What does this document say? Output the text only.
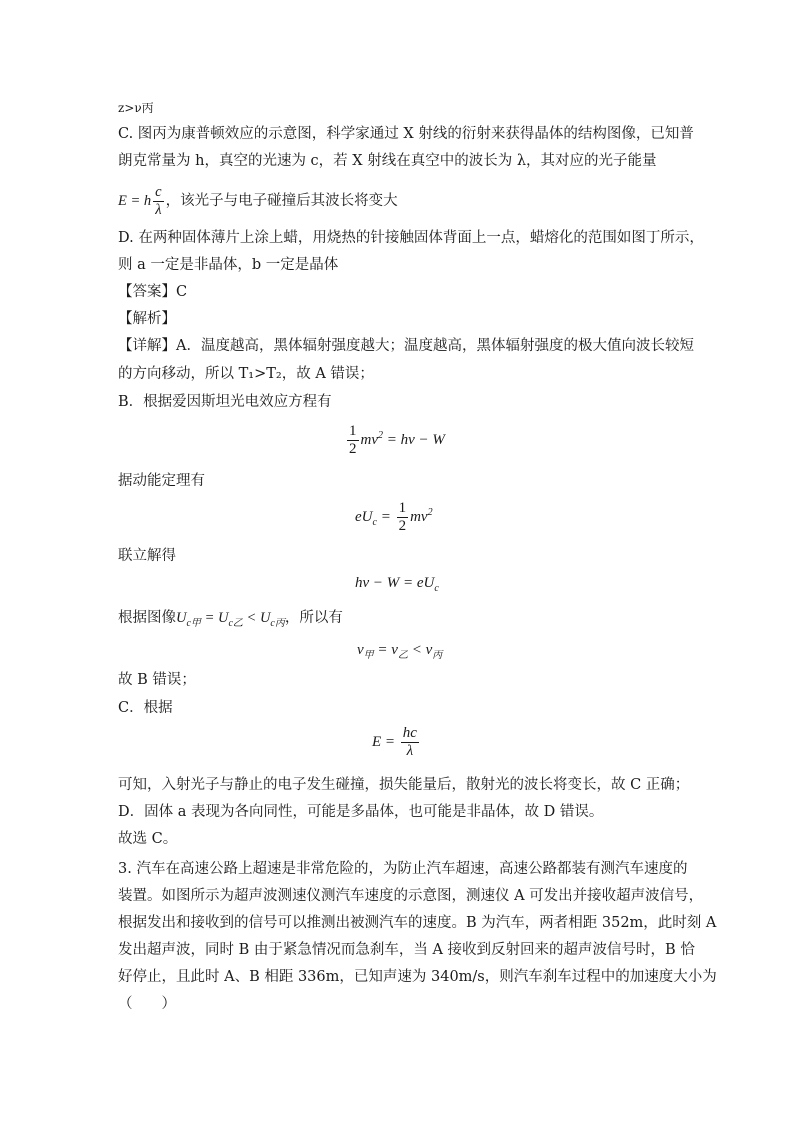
z>ν丙
C. 图丙为康普顿效应的示意图，科学家通过 X 射线的衍射来获得晶体的结构图像，已知普
朗克常量为 h，真空的光速为 c，若 X 射线在真空中的波长为 λ，其对应的光子能量
E = h $\frac{c}{\lambda}$ ，该光子与电子碰撞后其波长将变大
D. 在两种固体薄片上涂上蜡，用烧热的针接触固体背面上一点，蜡熔化的范围如图丁所示，
则 a 一定是非晶体，b 一定是晶体
【答案】C
【解析】
【详解】A．温度越高，黑体辐射强度越大；温度越高，黑体辐射强度的极大值向波长较短
的方向移动，所以 T₁>T₂，故 A 错误；
B．根据爱因斯坦光电效应方程有
$\frac{1}{2} mv^2 = h\nu - W$
据动能定理有
$eU_c = \frac{1}{2} mv^2$
联立解得
$h\nu - W = eU_c$
根据图像$U_{c甲} = U_{c乙} < U_{c丙}$，所以有
$\nu_甲 = \nu_乙 < \nu_丙$
故 B 错误；
C．根据
$E = \frac{hc}{\lambda}$
可知，入射光子与静止的电子发生碰撞，损失能量后，散射光的波长将变长，故 C 正确；
D．固体 a 表现为各向同性，可能是多晶体，也可能是非晶体，故 D 错误。
故选 C。
3. 汽车在高速公路上超速是非常危险的，为防止汽车超速，高速公路都装有测汽车速度的
装置。如图所示为超声波测速仪测汽车速度的示意图，测速仪 A 可发出并接收超声波信号，
根据发出和接收到的信号可以推测出被测汽车的速度。B 为汽车，两者相距 352m，此时刻 A
发出超声波，同时 B 由于紧急情况而急刹车，当 A 接收到反射回来的超声波信号时，B 恰
好停止，且此时 A、B 相距 336m，已知声速为 340m/s，则汽车刹车过程中的加速度大小为
（　　）
